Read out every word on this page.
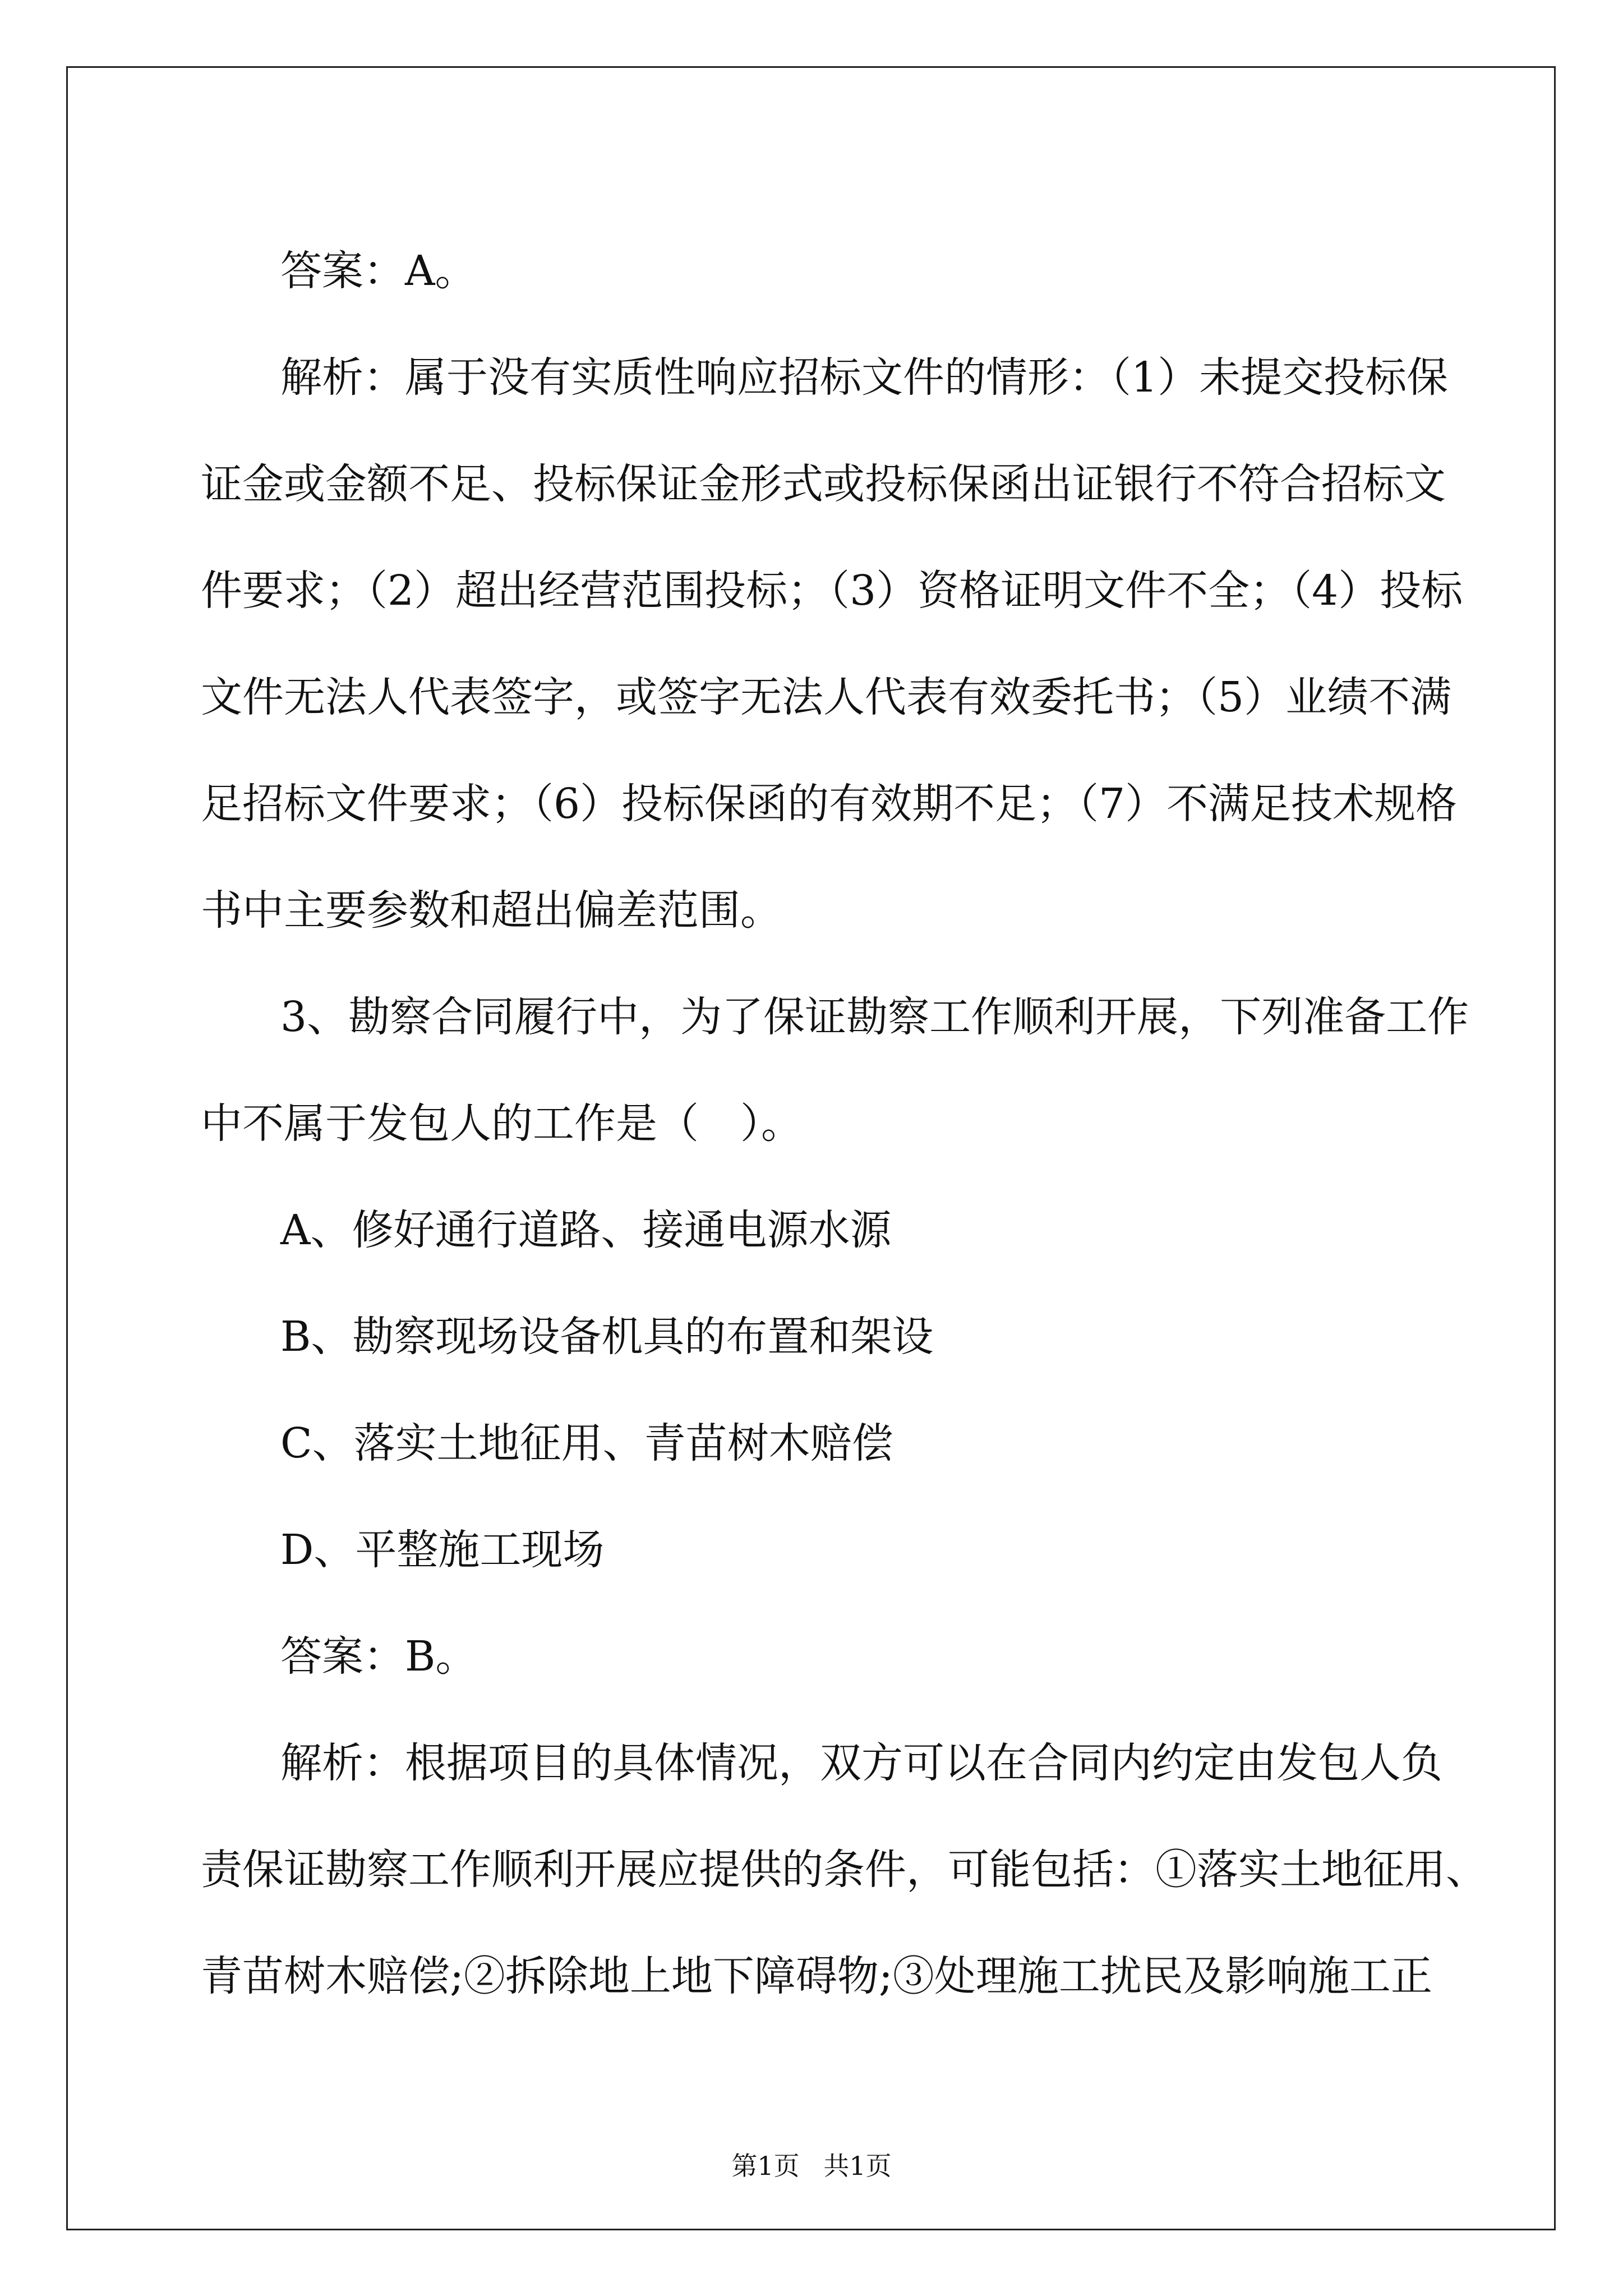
答案：A。
解析：属于没有实质性响应招标文件的情形：（1）未提交投标保
证金或金额不足、投标保证金形式或投标保函出证银行不符合招标文
件要求；（2）超出经营范围投标；（3）资格证明文件不全；（4）投标
文件无法人代表签字，或签字无法人代表有效委托书；（5）业绩不满
足招标文件要求；（6）投标保函的有效期不足；（7）不满足技术规格
书中主要参数和超出偏差范围。
3、勘察合同履行中，为了保证勘察工作顺利开展，下列准备工作
中不属于发包人的工作是（　）。
A、修好通行道路、接通电源水源
B、勘察现场设备机具的布置和架设
C、落实土地征用、青苗树木赔偿
D、平整施工现场
答案：B。
解析：根据项目的具体情况，双方可以在合同内约定由发包人负
责保证勘察工作顺利开展应提供的条件，可能包括：①落实土地征用、
青苗树木赔偿;②拆除地上地下障碍物;③处理施工扰民及影响施工正
第1页 共1页
